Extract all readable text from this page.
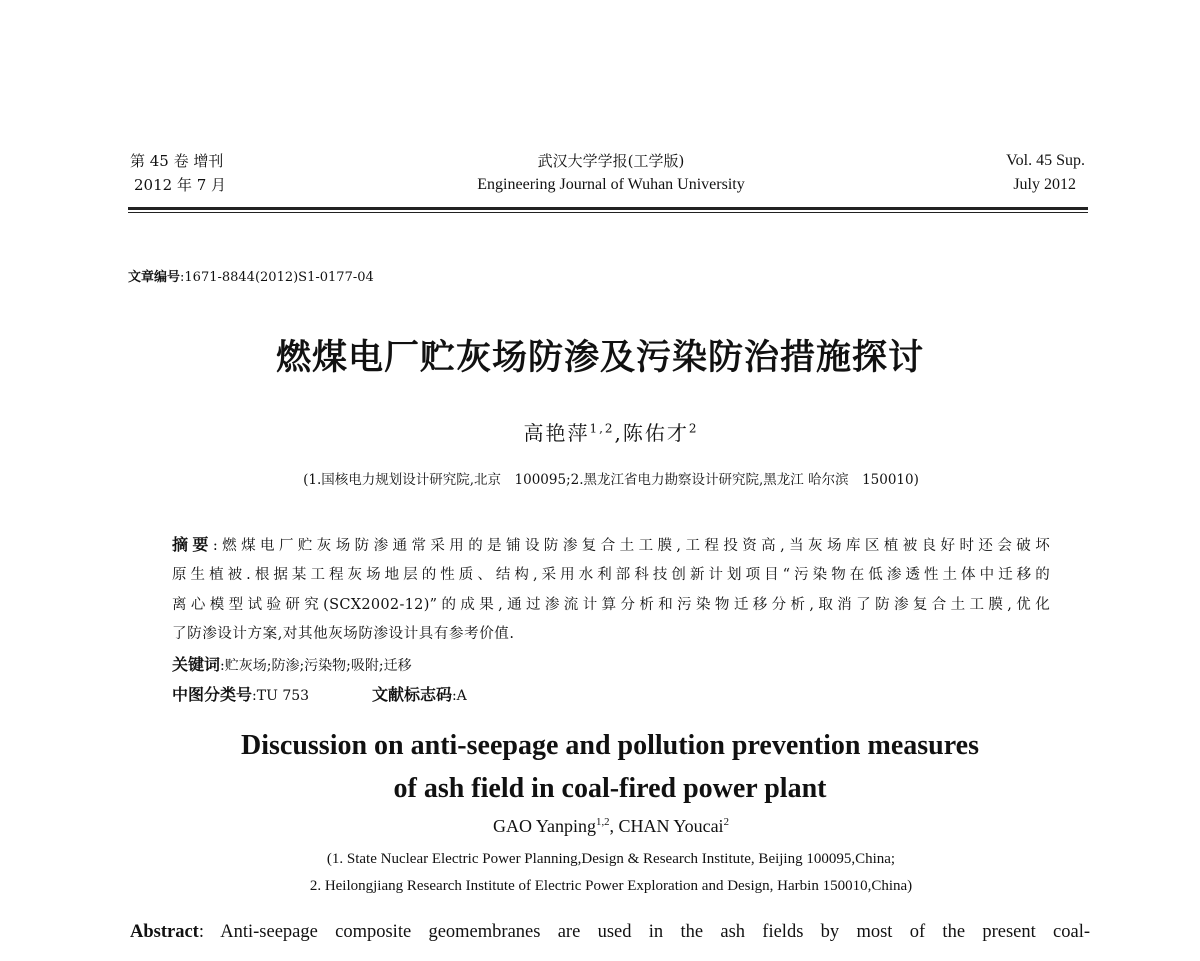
第 45 卷 增刊
2012 年 7 月
武汉大学学报(工学版)
Engineering Journal of Wuhan University
Vol. 45 Sup.
July 2012
文章编号:1671-8844(2012)S1-0177-04
燃煤电厂贮灰场防渗及污染防治措施探讨
高艳萍$^{1,2}$,陈佑才$^2$
(1.国核电力规划设计研究院,北京　100095;2.黑龙江省电力勘察设计研究院,黑龙江 哈尔滨　150010)
摘要:燃煤电厂贮灰场防渗通常采用的是铺设防渗复合土工膜,工程投资高,当灰场库区植被良好时还会破坏
原生植被.根据某工程灰场地层的性质、结构,采用水利部科技创新计划项目“污染物在低渗透性土体中迁移的
离心模型试验研究(SCX2002-12)”的成果,通过渗流计算分析和污染物迁移分析,取消了防渗复合土工膜,优化
了防渗设计方案,对其他灰场防渗设计具有参考价值.
关键词:贮灰场;防渗;污染物;吸附;迁移
中图分类号:TU 753	文献标志码:A
Discussion on anti-seepage and pollution prevention measures
of ash field in coal-fired power plant
GAO Yanping$^{1,2}$, CHAN Youcai$^2$
(1. State Nuclear Electric Power Planning,Design & Research Institute, Beijing 100095,China;
2. Heilongjiang Research Institute of Electric Power Exploration and Design, Harbin 150010,China)
Abstract: Anti-seepage composite geomembranes are used in the ash fields by most of the present coal-
